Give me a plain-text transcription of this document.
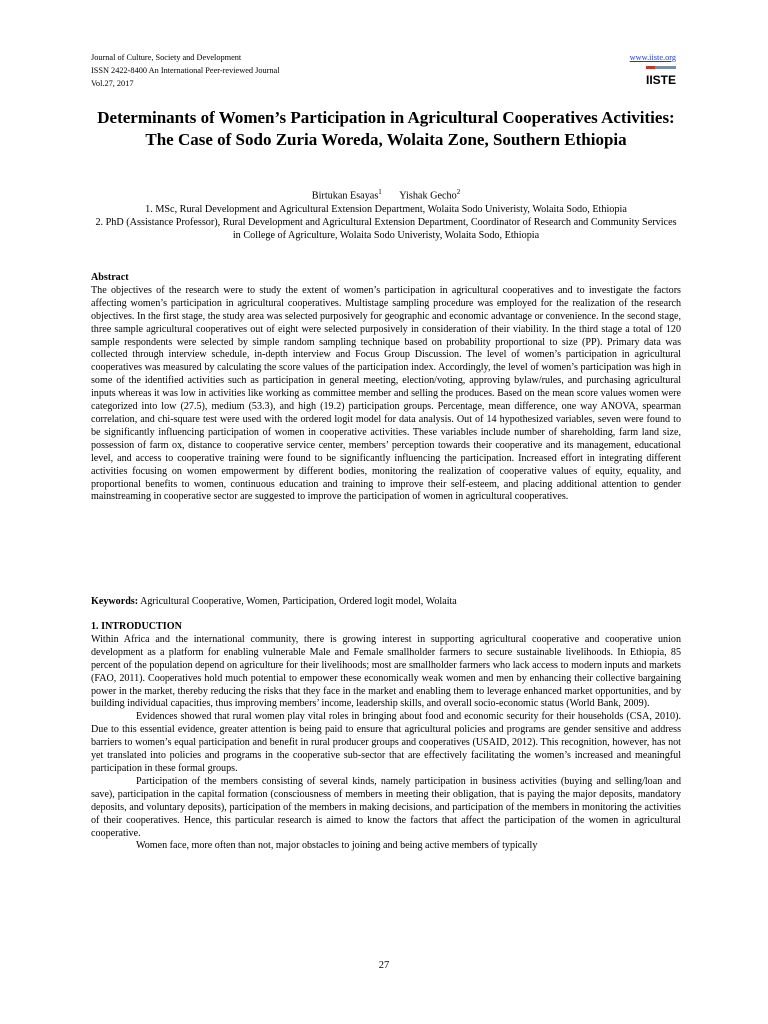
Journal of Culture, Society and Development
ISSN 2422-8400 An International Peer-reviewed Journal
Vol.27, 2017
www.iiste.org
IISTE
Determinants of Women’s Participation in Agricultural Cooperatives Activities: The Case of Sodo Zuria Woreda, Wolaita Zone, Southern Ethiopia
Birtukan Esayas$^1$ Yishak Gecho$^2$
1. MSc, Rural Development and Agricultural Extension Department, Wolaita Sodo Univeristy, Wolaita Sodo, Ethiopia
2. PhD (Assistance Professor), Rural Development and Agricultural Extension Department, Coordinator of Research and Community Services in College of Agriculture, Wolaita Sodo Univeristy, Wolaita Sodo, Ethiopia
Abstract

The objectives of the research were to study the extent of women’s participation in agricultural cooperatives and to investigate the factors affecting women’s participation in agricultural cooperatives. Multistage sampling procedure was employed for the realization of the research objectives. In the first stage, the study area was selected purposively for geographic and economic advantage or convenience. In the second stage, three sample agricultural cooperatives out of eight were selected purposively in consideration of their viability. In the third stage a total of 120 sample respondents were selected by simple random sampling technique based on probability proportional to size (PP). Primary data was collected through interview schedule, in-depth interview and Focus Group Discussion. The level of women’s participation in agricultural cooperatives was measured by calculating the score values of the participation index. Accordingly, the level of women’s participation was high in some of the identified activities such as participation in general meeting, election/voting, approving bylaw/rules, and purchasing agricultural inputs whereas it was low in activities like working as committee member and selling the produces. Based on the mean score values women were categorized into low (27.5), medium (53.3), and high (19.2) participation groups. Percentage, mean difference, one way ANOVA, spearman correlation, and chi-square test were used with the ordered logit model for data analysis. Out of 14 hypothesized variables, seven were found to be significantly influencing participation of women in cooperative activities. These variables include number of shareholding, farm land size, possession of farm ox, distance to cooperative service center, members’ perception towards their cooperative and its management, educational level, and access to cooperative training were found to be significantly influencing the participation. Increased effort in integrating different activities focusing on women empowerment by different bodies, monitoring the realization of cooperative values of equity, equality, and proportional benefits to women, continuous education and training to improve their self-esteem, and placing additional attention to gender mainstreaming in cooperative sector are suggested to improve the participation of women in agricultural cooperatives.

Keywords: Agricultural Cooperative, Women, Participation, Ordered logit model, Wolaita
1. INTRODUCTION

Within Africa and the international community, there is growing interest in supporting agricultural cooperative and cooperative union development as a platform for enabling vulnerable Male and Female smallholder farmers to secure sustainable livelihoods. In Ethiopia, 85 percent of the population depend on agriculture for their livelihoods; most are smallholder farmers who lack access to modern inputs and markets (FAO, 2011). Cooperatives hold much potential to empower these economically weak women and men by enhancing their collective bargaining power in the market, thereby reducing the risks that they face in the market and enabling them to leverage enhanced market opportunities, and by building individual capacities, thus improving members’ income, leadership skills, and overall socio-economic status (World Bank, 2009).

Evidences showed that rural women play vital roles in bringing about food and economic security for their households (CSA, 2010). Due to this essential evidence, greater attention is being paid to ensure that agricultural policies and programs are gender sensitive and address barriers to women’s equal participation and benefit in rural producer groups and cooperatives (USAID, 2012). This recognition, however, has not yet translated into policies and programs in the cooperative sub-sector that are effectively facilitating the women’s increased and meaningful participation in these formal groups.

Participation of the members consisting of several kinds, namely participation in business activities (buying and selling/loan and save), participation in the capital formation (consciousness of members in meeting their obligation, that is paying the major deposits, mandatory deposits, and voluntary deposits), participation of the members in making decisions, and participation of the members in monitoring the activities of their cooperatives. Hence, this particular research is aimed to know the factors that affect the participation of the women in agricultural cooperative.

Women face, more often than not, major obstacles to joining and being active members of typically

27
